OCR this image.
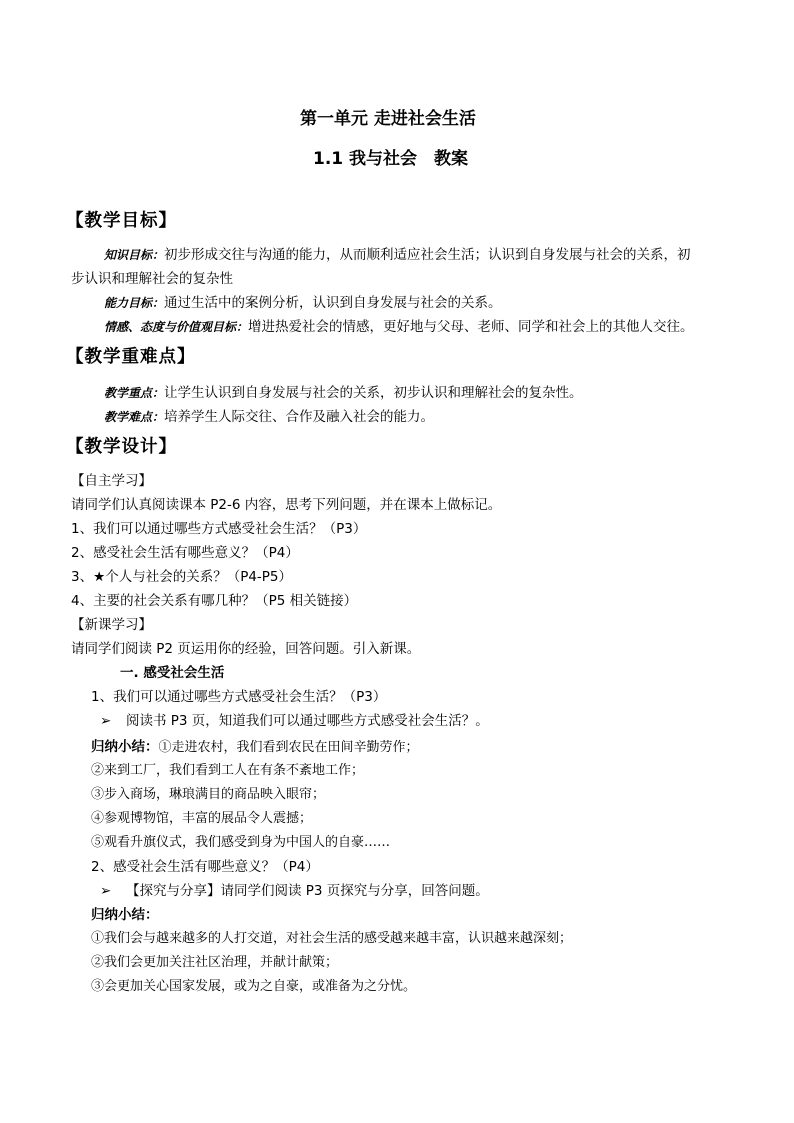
第一单元 走进社会生活
1.1 我与社会　教案
【教学目标】
知识目标：初步形成交往与沟通的能力，从而顺利适应社会生活；认识到自身发展与社会的关系，初
步认识和理解社会的复杂性
能力目标：通过生活中的案例分析，认识到自身发展与社会的关系。
情感、态度与价值观目标：增进热爱社会的情感，更好地与父母、老师、同学和社会上的其他人交往。
【教学重难点】
教学重点：让学生认识到自身发展与社会的关系，初步认识和理解社会的复杂性。
教学难点：培养学生人际交往、合作及融入社会的能力。
【教学设计】
【自主学习】
请同学们认真阅读课本 P2-6 内容，思考下列问题，并在课本上做标记。
1、我们可以通过哪些方式感受社会生活？（P3）
2、感受社会生活有哪些意义？（P4）
3、★个人与社会的关系？（P4-P5）
4、主要的社会关系有哪几种？（P5 相关链接）
【新课学习】
请同学们阅读 P2 页运用你的经验，回答问题。引入新课。
一. 感受社会生活
1、我们可以通过哪些方式感受社会生活？（P3）
➢ 阅读书 P3 页，知道我们可以通过哪些方式感受社会生活？。
归纳小结：①走进农村，我们看到农民在田间辛勤劳作；
②来到工厂，我们看到工人在有条不紊地工作；
③步入商场，琳琅满目的商品映入眼帘；
④参观博物馆，丰富的展品令人震撼；
⑤观看升旗仪式，我们感受到身为中国人的自豪……
2、感受社会生活有哪些意义？（P4）
➢ 【探究与分享】请同学们阅读 P3 页探究与分享，回答问题。
归纳小结：
①我们会与越来越多的人打交道，对社会生活的感受越来越丰富，认识越来越深刻；
②我们会更加关注社区治理，并献计献策；
③会更加关心国家发展，或为之自豪，或准备为之分忧。
